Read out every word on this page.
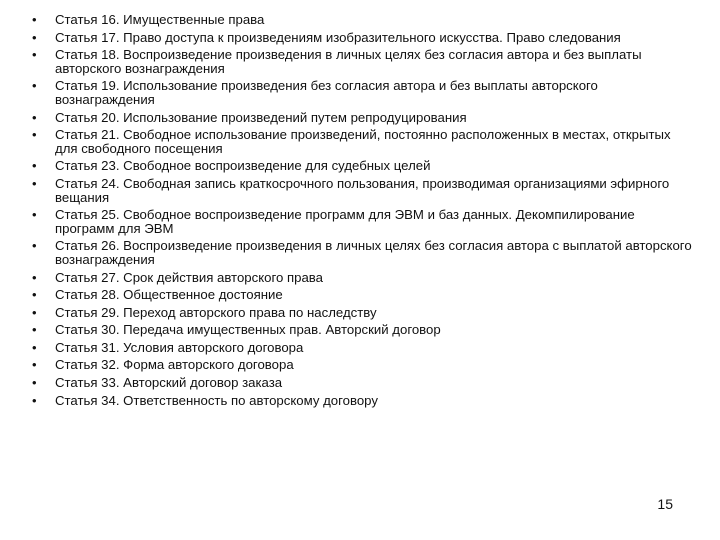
• Статья 16. Имущественные права
• Статья 17. Право доступа к произведениям изобразительного искусства. Право следования
• Статья 18. Воспроизведение произведения в личных целях без согласия автора и без выплаты авторского вознаграждения
• Статья 19. Использование произведения без согласия автора и без выплаты авторского вознаграждения
• Статья 20. Использование произведений путем репродуцирования
• Статья 21. Свободное использование произведений, постоянно расположенных в местах, открытых для свободного посещения
• Статья 23. Свободное воспроизведение для судебных целей
• Статья 24. Свободная запись краткосрочного пользования, производимая организациями эфирного вещания
• Статья 25. Свободное воспроизведение программ для ЭВМ и баз данных. Декомпилирование программ для ЭВМ
• Статья 26. Воспроизведение произведения в личных целях без согласия автора с выплатой авторского вознаграждения
• Статья 27. Срок действия авторского права
• Статья 28. Общественное достояние
• Статья 29. Переход авторского права по наследству
• Статья 30. Передача имущественных прав. Авторский договор
• Статья 31. Условия авторского договора
• Статья 32. Форма авторского договора
• Статья 33. Авторский договор заказа
• Статья 34. Ответственность по авторскому договору
15
